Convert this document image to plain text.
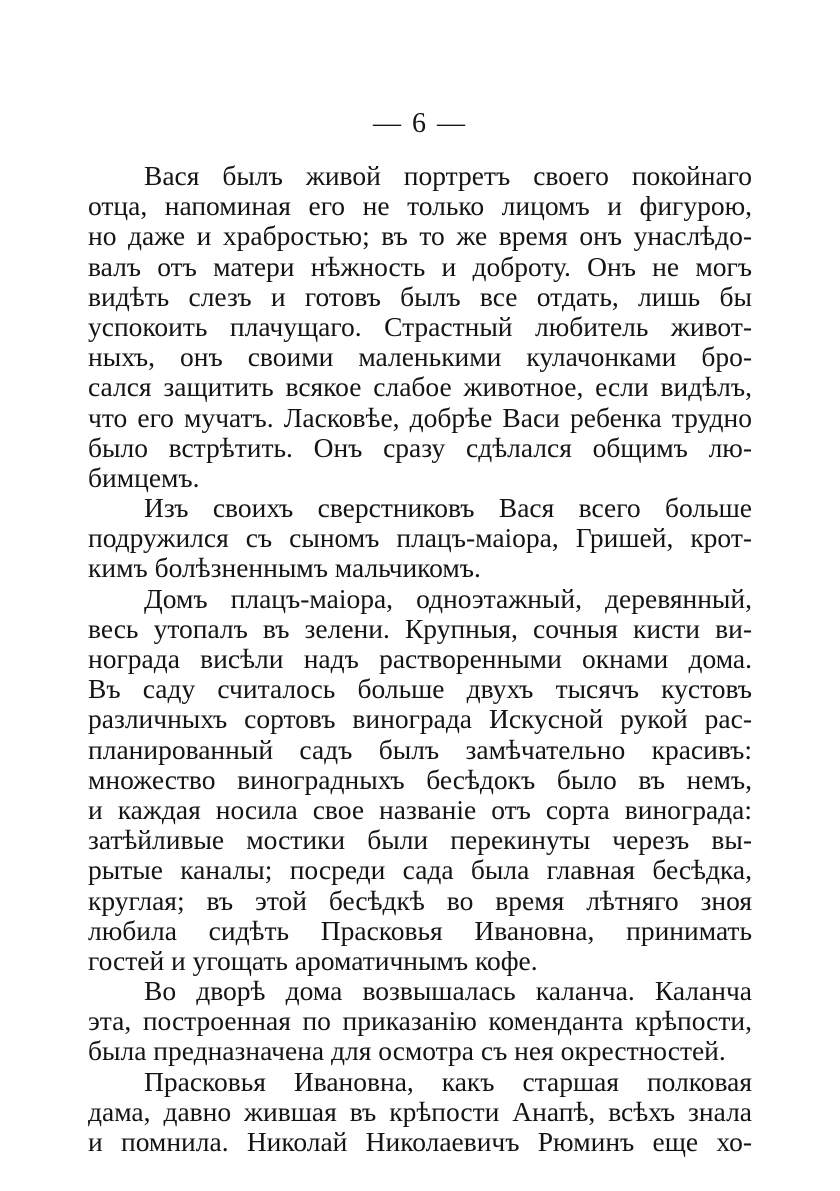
— 6 —
Вася былъ живой портретъ своего покойнаго
отца, напоминая его не только лицомъ и фигурою,
но даже и храбростью; въ то же время онъ унаслѣдо-
валъ отъ матери нѣжность и доброту. Онъ не могъ
видѣть слезъ и готовъ былъ все отдать, лишь бы
успокоить плачущаго. Страстный любитель живот-
ныхъ, онъ своими маленькими кулачонками бро-
сался защитить всякое слабое животное, если видѣлъ,
что его мучатъ. Ласковѣе, добрѣе Васи ребенка трудно
было встрѣтить. Онъ сразу сдѣлался общимъ лю-
бимцемъ.
Изъ своихъ сверстниковъ Вася всего больше
подружился съ сыномъ плацъ-маіора, Гришей, крот-
кимъ болѣзненнымъ мальчикомъ.
Домъ плацъ-маіора, одноэтажный, деревянный,
весь утопалъ въ зелени. Крупныя, сочныя кисти ви-
нограда висѣли надъ растворенными окнами дома.
Въ саду считалось больше двухъ тысячъ кустовъ
различныхъ сортовъ винограда Искусной рукой рас-
планированный садъ былъ замѣчательно красивъ:
множество виноградныхъ бесѣдокъ было въ немъ,
и каждая носила свое названіе отъ сорта винограда:
затѣйливые мостики были перекинуты черезъ вы-
рытые каналы; посреди сада была главная бесѣдка,
круглая; въ этой бесѣдкѣ во время лѣтняго зноя
любила сидѣть Прасковья Ивановна, принимать
гостей и угощать ароматичнымъ кофе.
Во дворѣ дома возвышалась каланча. Каланча
эта, построенная по приказанію коменданта крѣпости,
была предназначена для осмотра съ нея окрестностей.
Прасковья Ивановна, какъ старшая полковая
дама, давно жившая въ крѣпости Анапѣ, всѣхъ знала
и помнила. Николай Николаевичъ Рюминъ еще хо-
